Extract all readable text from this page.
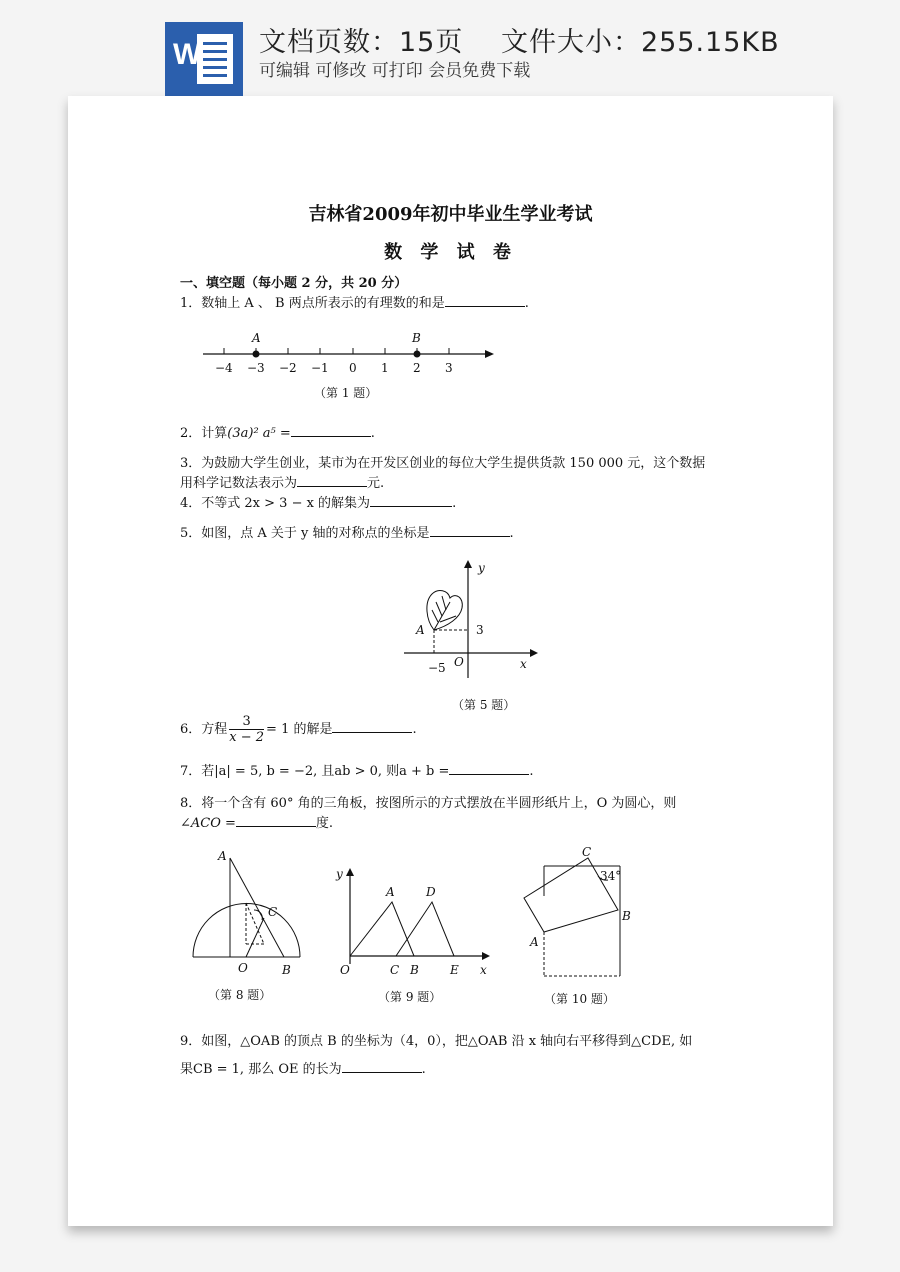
W 文档页数：15页　 文件大小：255.15KB
可编辑 可修改 可打印 会员免费下载
吉林省2009年初中毕业生学业考试
数 学 试 卷
一、填空题（每小题 2 分，共 20 分）
1．数轴上 A 、 B 两点所表示的有理数的和是	.
A	B
−4 −3 −2 −1 0 1 2 3
（第 1 题）
2．计算(3a)² a⁵ =	.
3．为鼓励大学生创业，某市为在开发区创业的每位大学生提供货款 150 000 元，这个数据
用科学记数法表示为	元.
4．不等式 2x > 3 − x 的解集为	.
5．如图，点 A 关于 y 轴的对称点的坐标是	.
y
x
O
A	3
−5
（第 5 题）
6．方程 $\frac{3}{x - 2} = 1$ 的解是	.
7．若|a| = 5, b = −2, 且ab > 0, 则a + b =	.
8．将一个含有 60° 角的三角板，按图所示的方式摆放在半圆形纸片上，O 为圆心，则
∠ACO =	度.
A
C
O	B
（第 8 题）
y
A	D
O	C B	E x
（第 9 题）
C
34°
B
A
（第 10 题）
9．如图，△OAB 的顶点 B 的坐标为（4，0），把△OAB 沿 x 轴向右平移得到△CDE, 如
果CB = 1, 那么 OE 的长为	.
